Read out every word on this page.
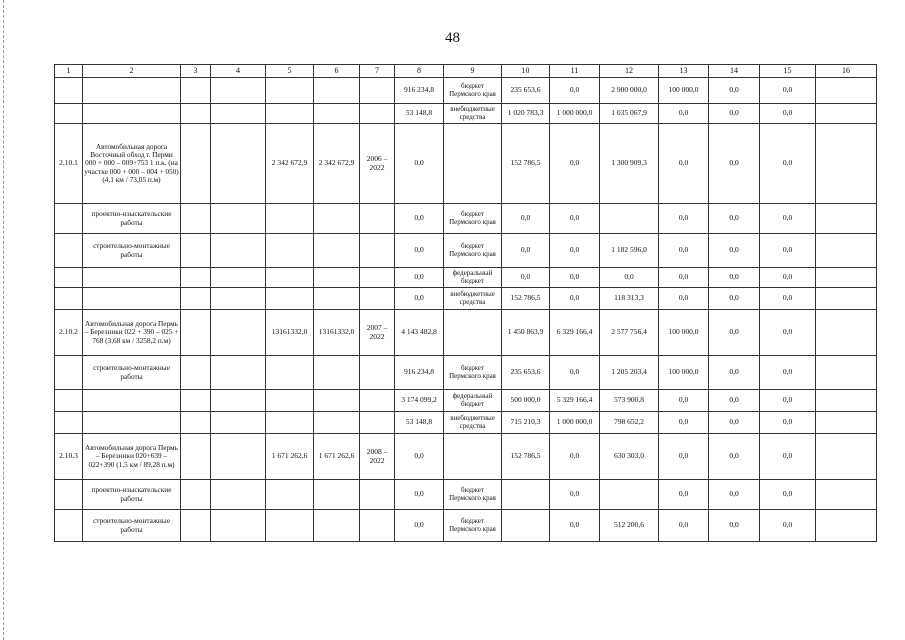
48
1	2	3	4	5	6	7	8	9	10	11	12	13	14	15	16
							916 234,8	бюджет Пермского края	235 653,6	0,0	2 900 000,0	100 000,0	0,0	0,0	
							53 148,8	внебюджетные средства	1 020 783,3	1 000 000,0	1 035 067,9	0,0	0,0	0,0	
2.10.1	Автомобильная дорога Восточный обход г. Перми 000 + 000 – 009+753 1 п.к. (на участке 000 + 000 – 004 + 050) (4,1 км / 73,05 п.м)			2 342 672,9	2 342 672,9	2006 – 2022	0,0		152 786,5	0,0	1 300 909,3	0,0	0,0	0,0	
	проектно-изыскательские работы						0,0	бюджет Пермского края	0,0	0,0		0,0	0,0	0,0	
	строительно-монтажные работы						0,0	бюджет Пермского края	0,0	0,0	1 182 596,0	0,0	0,0	0,0	
							0,0	федеральный бюджет	0,0	0,0	0,0	0,0	0,0	0,0	
							0,0	внебюджетные средства	152 786,5	0,0	118 313,3	0,0	0,0	0,0	
2.10.2	Автомобильная дорога Пермь – Березники 022 + 390 – 025 + 768 (3,68 км / 3258,2 п.м)			13161332,0	13161332,0	2007 – 2022	4 143 482,8		1 450 863,9	6 329 166,4	2 577 756,4	100 000,0	0,0	0,0	
	строительно-монтажные работы						916 234,8	бюджет Пермского края	235 653,6	0,0	1 205 203,4	100 000,0	0,0	0,0	
							3 174 099,2	федеральный бюджет	500 000,0	5 329 166,4	573 900,8	0,0	0,0	0,0	
							53 148,8	внебюджетные средства	715 210,3	1 000 000,0	798 652,2	0,0	0,0	0,0	
2.10.3	Автомобильная дорога Пермь – Березники 020+639 – 022+390 (1,5 км / 89,28 п.м)			1 671 262,6	1 671 262,6	2008 – 2022	0,0		152 786,5	0,0	630 303,0	0,0	0,0	0,0	
	проектно-изыскательские работы						0,0	бюджет Пермского края		0,0		0,0	0,0	0,0	
	строительно-монтажные работы						0,0	бюджет Пермского края		0,0	512 200,6	0,0	0,0	0,0	
